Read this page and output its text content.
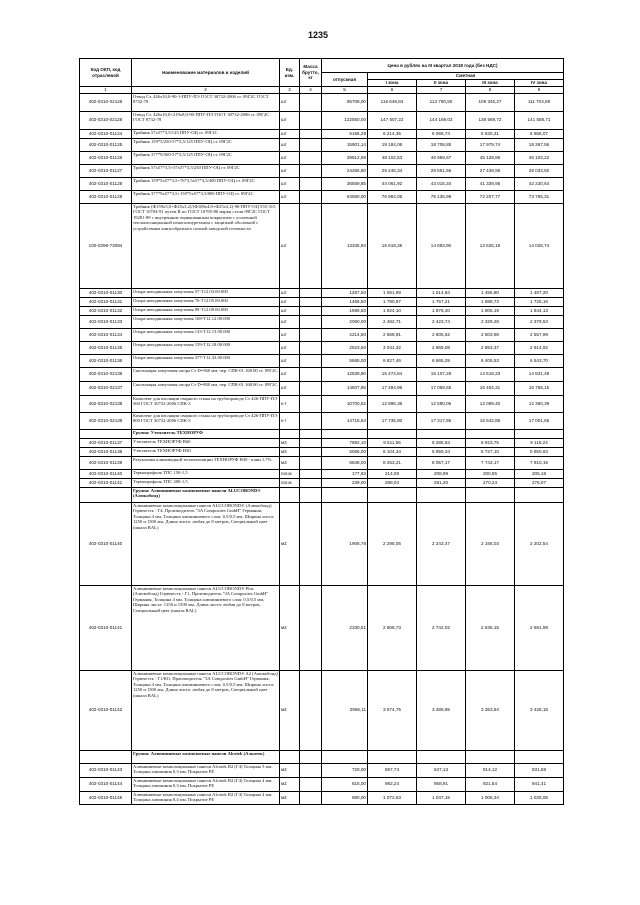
1235
Код ОКП, код отраслевой	Наименование материалов и изделий	Ед. изм.	Масса брутто, кг	Цена в рублях на III квартал 2018 года (без НДС)				
				отпускная	Сметная			
					I зона	II зона	III зона	IV зона
1	2	3	4	5	6	7	8	9
402-0310-02125	Отвод Ст. 426х10,0-90-1-ППУ-ПЭ ГОСТ 30732-2006 ст. 09Г2С ГОСТ 8732-78	шт		95708,00	116 648,84	113 760,50	109 346,27	111 704,89
402-0310-02126	Отвод Ст. 426х10,0+219х8,0-90-ППУ-ПЭ ГОСТ 30732-2006 ст. 09Г2С ГОСТ 8732-78	шт		122550,00	147 607,22	144 169,03	138 569,72	141 558,71
402-0310-01124	Тройник 57х57*3,5/125 ППУ-ОЦ ст. 09Г2С	шт		5156,28	6 214,35	6 066,74	5 830,31	5 956,07
402-0310-01125	Тройник 159*5/250-57*3,5/125 ППУ-ОЦ ст. 09Г2С	шт		15901,14	19 184,06	18 708,85	17 979,74	18 367,56
402-0310-01126	Тройник 377*9/560-57*3,5/125 ППУ-ОЦ ст. 09Г2С	шт		39912,59	48 102,53	46 959,67	45 129,86	46 103,22
402-0310-01127	Тройник 57х57*3,5+57х57*3,5/250 ППУ-ОЦ ст. 09Г2С	шт		24266,80	29 246,34	28 551,66	27 439,95	28 033,92
402-0310-01128	Тройник 159*5х57*3,5+76*3,5х57*3,5/400 ППУ-ОЦ ст. 09Г2С	шт		36559,85	44 061,92	43 015,34	41 339,95	42 230,64
402-0310-01129	Тройник 377*9х57*3,5+159*5х57*3,5/800 ППУ-ОЦ ст. 09Г2С	шт		63580,00	76 984,05	75 135,98	72 207,77	73 765,31
100-0398-73094	Тройник (Ф159х5,0+Ф25х3,2)/(Ф108х4,0+Ф25х3,2)-90-ППУ-ОЦ 555-315 ГОСТ 10704-91 путем В по ГОСТ 10705-80 марки стали 09Г2С ГОСТ 19281-89 с внутренним оцинкованным покрытием с усиленной теплоизоляционной пенополиуретаном с защитной оболочкой с устройствами линзообразного полной заводской готовности	шт		13345,93	16 618,35	14 693,90	13 625,19	14 028,74
402-0310-01130	Опора неподвижная хомутовая 57-Т12.03.00.000	шт		1267,50	1 551,69	1 514,84	1 455,80	1 487,20
402-0310-01131	Опора неподвижная хомутовая 76-Т12.05.00.000	шт		1465,50	1 790,87	1 757,21	1 688,73	1 725,16
402-0310-01132	Опора неподвижная хомутовая 89-Т12.09.00.000	шт		1596,50	1 924,10	1 878,40	1 805,19	1 844,13
402-0310-01133	Опора неподвижная хомутовая 108-Т12.12.00.000	шт		2060,00	2 482,71	2 423,74	2 329,28	2 379,53
402-0310-01134	Опора неподвижная хомутовая 133-Т12.13.00.000	шт		2214,50	2 668,91	2 605,52	2 503,98	2 557,99
402-0310-01135	Опора неподвижная хомутовая 159-Т12.18.00.000	шт		2523,50	3 041,32	2 969,08	2 853,37	2 914,92
402-0310-01136	Опора неподвижная хомутовая 377-Т12.33.00.000	шт		5665,00	6 827,46	6 665,29	6 405,53	6 543,70
402-0310-02136	Скользящая хомутовая опора Ст D=560 мм, чер. СПК-01.168.00 ст. 09Г2С	шт		12839,90	15 474,84	15 107,28	14 518,33	14 831,49
402-0310-02137	Скользящая хомутовая опора Ст D=800 мм, чер. СПК-01.168.00 ст. 09Г2С	шт		14507,85	17 484,96	17 069,55	16 404,31	16 758,15
402-0310-02138	Комплект для изоляции сварного стыка на трубопроводе Ст 426-ППУ-ПЭ 560 ГОСТ 30732-2006 СПК-3	к-т		10700,62	12 896,36	12 590,06	12 099,40	12 360,39
402-0310-02139	Комплект для изоляции сварного стыка на трубопроводе Ст 426-ППУ-ПЭ 800 ГОСТ 30732-2006 СПК-3	к-т		14715,64	17 735,90	17 317,86	16 642,85	17 001,65
	Группа: Утеплитель ТЕХНОРУФ							
402-0310-01137	Утеплитель ТЕХНОРУФ В60	м3		7892,10	9 511,56	9 285,63	8 923,75	9 116,24
402-0310-01138	Утеплитель ТЕХНОРУФ Н30	м3		5065,00	6 104,34	5 959,34	5 727,10	5 850,63
402-0310-01139	Разуклонка клиновидной теплоизоляции ТЕХНОРУФ Н30 - клин 1,7%	м3		6848,00	8 253,21	8 057,17	7 743,17	7 910,19
402-0310-01140	Термопрофиль ТПС 150-1,5	пог.м		177,63	214,08	208,99	200,85	205,18
402-0310-01141	Термопрофиль ТПС 200-1,5	пог.м		239,00	288,04	281,20	270,24	276,07
	Группа: Алюминиевые композитные панели ALUCOBOND® (Алюкобонд)							
402-0310-01140	Алюминиевые композиционные панели ALUCOBOND® (Алюкобонд) Горючесть - Г4, Производитель "3A Composites GmbH" Германия, Толщина 4 мм, Толщина алюминиевого слоя: 0,5/0,5 мм, Ширина листа: 1250 и 1500 мм, Длина листа: любая до 8 метров, Специальный цвет (шкала RAL)	м2		1906,78	2 298,05	2 243,47	2 156,03	2 202,54
402-0310-01141	Алюминиевые композиционные панели ALUCOBOND® Plus (Алюкобонд) Горючесть - Г1, Производитель "3A Composites GmbH" Германия, Толщина 4 мм, Толщина алюминиевого слоя: 0,5/0,5 мм, Ширина листа: 1250 и 1500 мм, Длина листа: любая до 8 метров, Специальный цвет (шкала RAL)	м2		2330,51	2 808,73	2 742,02	2 635,15	2 691,99
402-0310-01142	Алюминиевые композиционные панели ALUCOBOND® A2 (Алюкобонд) Горючесть - Г1/КО, Производитель "3A Composites GmbH" Германия, Толщина 4 мм, Толщина алюминиевого слоя: 0,5/0,5 мм, Ширина листа: 1250 и 1500 мм, Длина листа: любая до 8 метров, Специальный цвет (шкала RAL)	м2		2966,11	3 574,75	3 489,85	3 353,84	3 426,18
	Группа: Алюминиевые композитные панели Alcotek (Алкотек)							
402-0310-01143	Алюминиевые композиционные панели Alcotek B2 (Г4) Толщина 3 мм. Толщина алюминия 0,3 мм. Покрытие PE	м2		720,00	867,74	847,13	814,12	831,68
402-0310-01144	Алюминиевые композиционные панели Alcotek B2 (Г4) Толщина 4 мм. Толщина алюминия 0,3 мм. Покрытие PE	м2		815,00	982,24	958,91	921,54	941,41
402-0310-01145	Алюминиевые композиционные панели Alcotek B2 (Г4) Толщина 4 мм. Толщина алюминия 0,4 мм. Покрытие PE	м2		890,00	1 072,63	1 047,15	1 006,34	1 028,05
